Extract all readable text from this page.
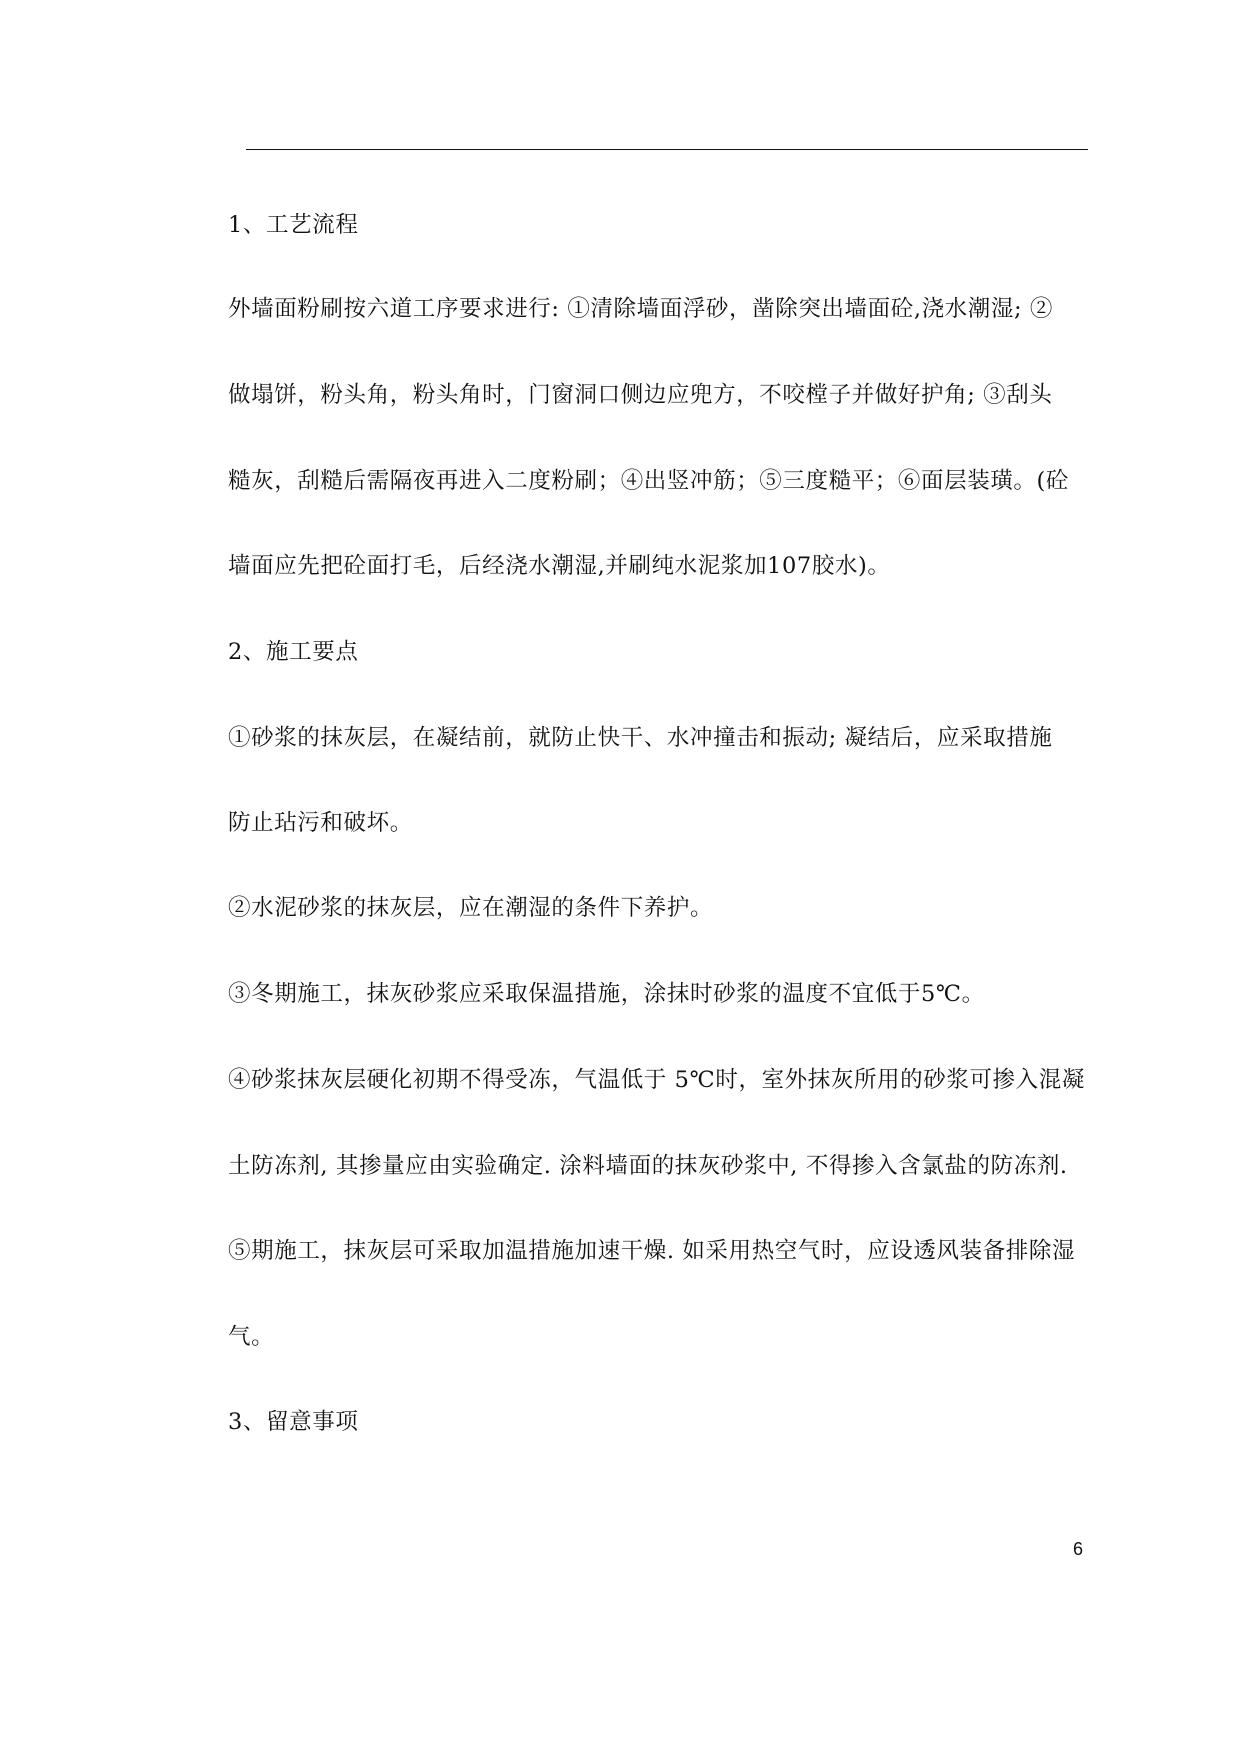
1、工艺流程
外墙面粉刷按六道工序要求进行: ①清除墙面浮砂，凿除突出墙面砼,浇水潮湿; ②
做塌饼，粉头角，粉头角时，门窗洞口侧边应兜方，不咬樘子并做好护角; ③刮头
糙灰，刮糙后需隔夜再进入二度粉刷；④出竖冲筋；⑤三度糙平；⑥面层装璜。(砼
墙面应先把砼面打毛，后经浇水潮湿,并刷纯水泥浆加107胶水)。
2、施工要点
①砂浆的抹灰层，在凝结前，就防止快干、水冲撞击和振动; 凝结后，应采取措施
防止玷污和破坏。
②水泥砂浆的抹灰层，应在潮湿的条件下养护。
③冬期施工，抹灰砂浆应采取保温措施，涂抹时砂浆的温度不宜低于5℃。
④砂浆抹灰层硬化初期不得受冻，气温低于 5℃时，室外抹灰所用的砂浆可掺入混凝
土防冻剂, 其掺量应由实验确定. 涂料墙面的抹灰砂浆中, 不得掺入含氯盐的防冻剂.
⑤期施工，抹灰层可采取加温措施加速干燥. 如采用热空气时，应设透风装备排除湿
气。
3、留意事项
6
